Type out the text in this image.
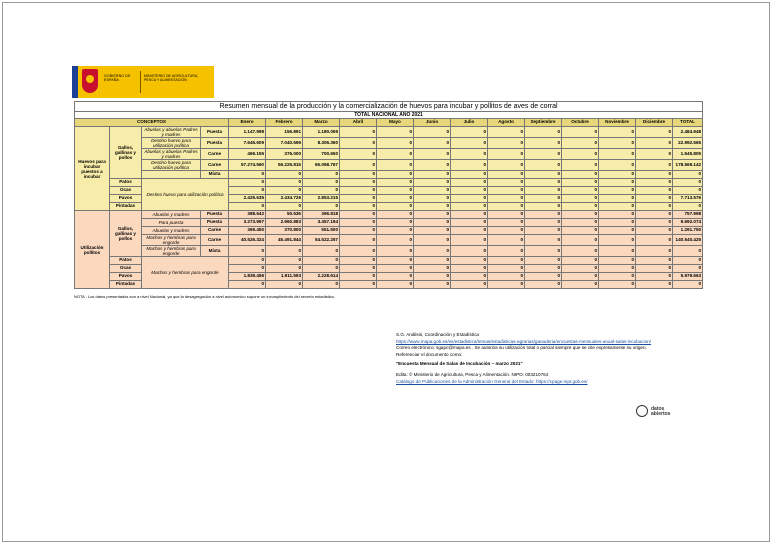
GOBIERNO DE ESPAÑA
MINISTERIO DE AGRICULTURA, PESCA Y ALIMENTACIÓN
Resumen mensual de la producción y la comercialización de huevos para incubar y pollitos de aves de corral																
TOTAL NACIONAL AÑO 2021																
CONCEPTOS				Enero	Febrero	Marzo	Abril	Mayo	Junio	Julio	Agosto	Septiembre	Octubre	Noviembre	Diciembre	TOTAL
Huevos para incubar puestos a incubar	Gallos, gallinas y pollos	Abuelas y abuelas Padres y madres	Puesta	1.147.998	156.891	1.180.059	0	0	0	0	0	0	0	0	0	2.484.948
		Destino huevo para utilización política	Puesta	7.645.609	7.040.596	8.306.360	0	0	0	0	0	0	0	0	0	22.992.565
		Abuelas y abuelas Padres y madres	Carne	469.155	376.000	700.650	0	0	0	0	0	0	0	0	0	1.545.805
		Destino huevo para utilización política	Carne	57.274.560	56.225.815	65.068.767	0	0	0	0	0	0	0	0	0	178.569.142
			Mixta	0	0	0	0	0	0	0	0	0	0	0	0	0
	Patos	Destino huevo para utilización política		0	0	0	0	0	0	0	0	0	0	0	0	0
	Ocas			0	0	0	0	0	0	0	0	0	0	0	0	0
	Pavos			2.425.635	2.434.726	2.853.215	0	0	0	0	0	0	0	0	0	7.713.576
	Pintadas			0	0	0	0	0	0	0	0	0	0	0	0	0
Utilización pollitos	Gallos, gallinas y pollos	Abuelas y madres	Puesta	388.642	50.536	396.818	0	0	0	0	0	0	0	0	0	757.998
		Para puesta	Puesta	3.273.997	2.960.883	3.457.194	0	0	0	0	0	0	0	0	0	9.692.074
		Abuelas y madres	Carne	369.450	370.800	551.500	0	0	0	0	0	0	0	0	0	1.291.750
		Machos y hembras para engorde	Carne	40.526.324	45.491.844	54.522.257	0	0	0	0	0	0	0	0	0	140.540.425
		Machos y hembras para engorde	Mixta	0	0	0	0	0	0	0	0	0	0	0	0	0
	Patos	Machos y hembras para engorde		0	0	0	0	0	0	0	0	0	0	0	0	0
	Ocas			0	0	0	0	0	0	0	0	0	0	0	0	0
	Pavos			1.839.456	1.911.593	2.228.614	0	0	0	0	0	0	0	0	0	5.979.663
	Pintadas			0	0	0	0	0	0	0	0	0	0	0	0	0
NOTA : Los datos presentados son a nivel Nacional, ya que la desagregación a nivel autonomico supone un incumplimiento del secreto estadistico.
S.G. Análisis, Coordinación y Estadística
https://www.mapa.gob.es/es/estadistica/temas/estadisticas-agrarias/ganaderia/encuestas-mensuales-anual-salas-incubacion/
Correo electrónico: sgapc@mapa.es . Se autoriza su utilización total o parcial siempre que se cite expresamente su origen.
Referenciar el documento como:
"Encuesta Mensual de Salas de Incubación – marzo 2021"
Edita: © Ministerio de Agricultura, Pesca y Alimentación. NIPO: 003210764
Catálogo de Publicaciones de la Administración General del Estado: https://cpage.mpr.gob.es/
datos abiertos
